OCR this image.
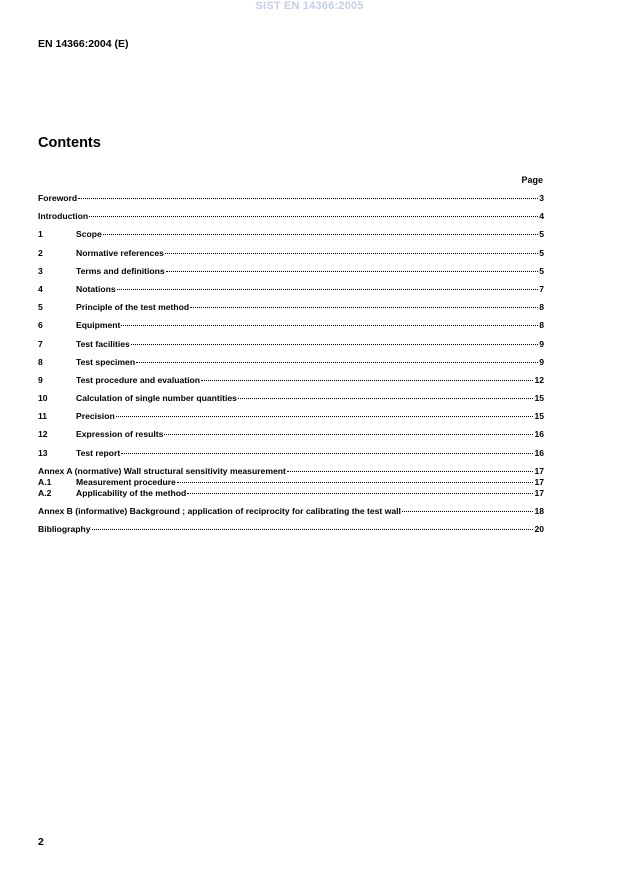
SIST EN 14366:2005
EN 14366:2004 (E)
Contents
Page
Foreword	3
Introduction	4
1	Scope	5
2	Normative references	5
3	Terms and definitions	5
4	Notations	7
5	Principle of the test method	8
6	Equipment	8
7	Test facilities	9
8	Test specimen	9
9	Test procedure and evaluation	12
10	Calculation of single number quantities	15
11	Precision	15
12	Expression of results	16
13	Test report	16
Annex A (normative) Wall structural sensitivity measurement	17
A.1	Measurement procedure	17
A.2	Applicability of the method	17
Annex B (informative) Background ; application of reciprocity for calibrating the test wall	18
Bibliography	20
2
